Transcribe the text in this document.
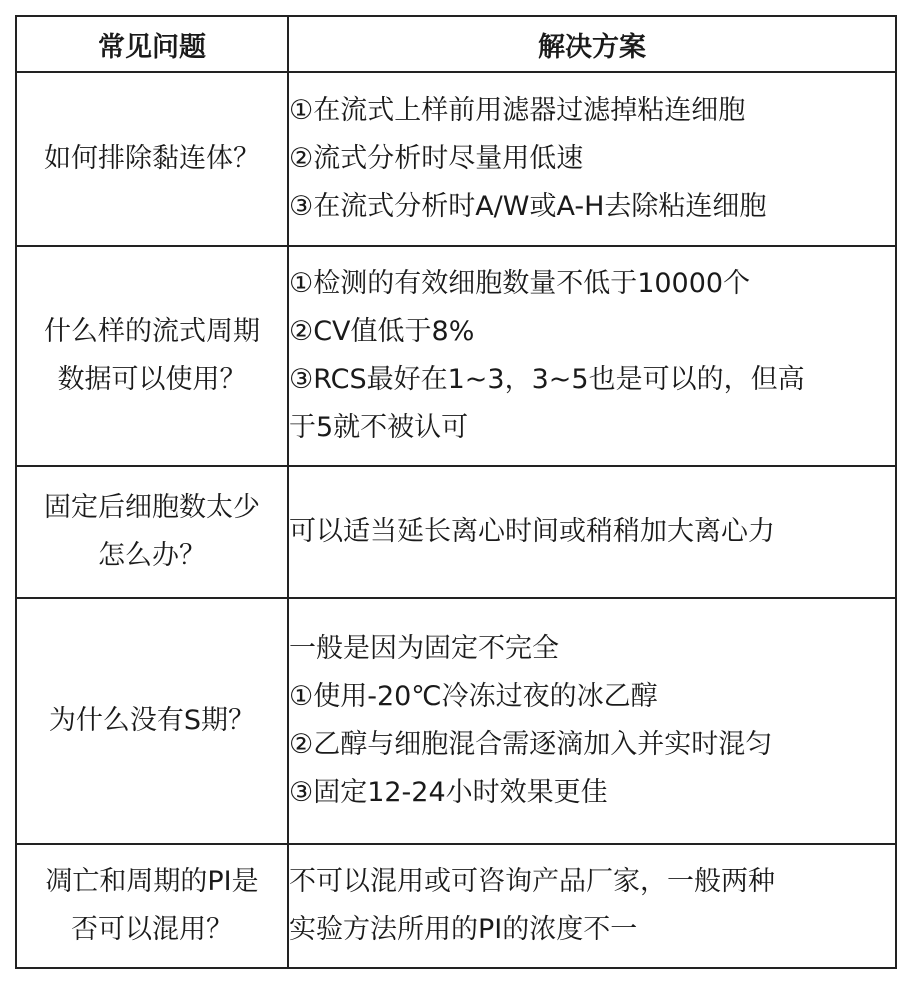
常见问题	解决方案

如何排除黏连体？	①在流式上样前用滤器过滤掉粘连细胞
②流式分析时尽量用低速
③在流式分析时A/W或A-H去除粘连细胞

什么样的流式周期
数据可以使用？	①检测的有效细胞数量不低于10000个
②CV值低于8%
③RCS最好在1~3，3~5也是可以的，但高
于5就不被认可

固定后细胞数太少
怎么办？	可以适当延长离心时间或稍稍加大离心力

为什么没有S期？	一般是因为固定不完全
①使用-20℃冷冻过夜的冰乙醇
②乙醇与细胞混合需逐滴加入并实时混匀
③固定12-24小时效果更佳

凋亡和周期的PI是
否可以混用？	不可以混用或可咨询产品厂家，一般两种
实验方法所用的PI的浓度不一
